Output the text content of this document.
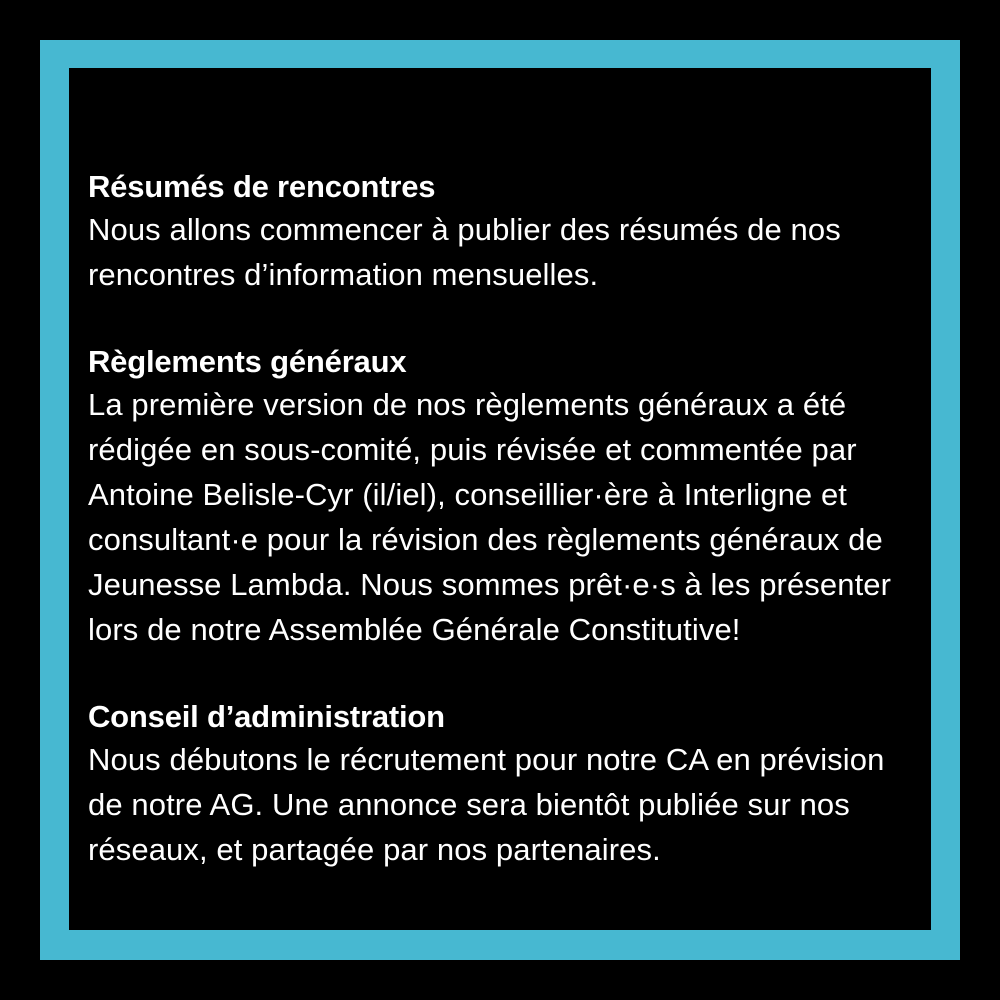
Résumés de rencontres

Nous allons commencer à publier des résumés de nos rencontres d’information mensuelles.

Règlements généraux

La première version de nos règlements généraux a été rédigée en sous-comité, puis révisée et commentée par Antoine Belisle-Cyr (il/iel), conseillier·ère à Interligne et consultant·e pour la révision des règlements généraux de Jeunesse Lambda. Nous sommes prêt·e·s à les présenter lors de notre Assemblée Générale Constitutive!

Conseil d’administration

Nous débutons le récrutement pour notre CA en prévision de notre AG. Une annonce sera bientôt publiée sur nos réseaux, et partagée par nos partenaires.
